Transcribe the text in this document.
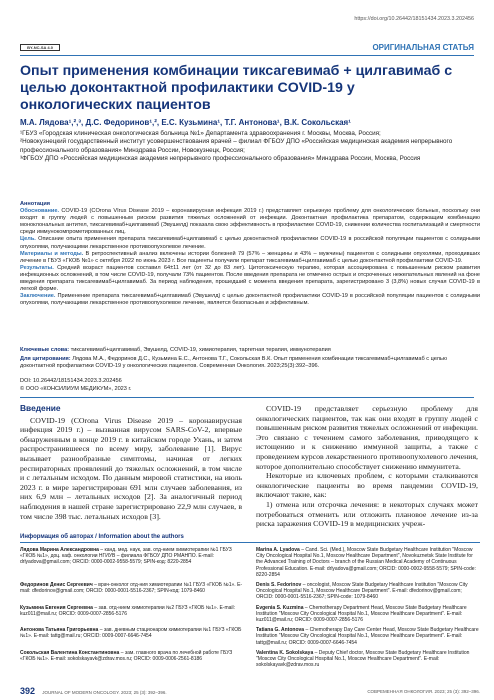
https://doi.org/10.26442/18151434.2023.3.202456
BY-NC-SA 4.0	ОРИГИНАЛЬНАЯ СТАТЬЯ
Опыт применения комбинации тиксагевимаб + цилгавимаб с целью доконтактной профилактики COVID-19 у онкологических пациентов
М.А. Лядова¹,²,³, Д.С. Федоринов¹,², Е.С. Кузьмина¹, Т.Г. Антонова¹, В.К. Сокольская¹
¹ГБУЗ «Городская клиническая онкологическая больница №1» Департамента здравоохранения г. Москвы, Москва, Россия;
²Новокузнецкий государственный институт усовершенствования врачей – филиал ФГБОУ ДПО «Российская медицинская академия непрерывного профессионального образования» Минздрава России, Новокузнецк, Россия;
³ФГБОУ ДПО «Российская медицинская академия непрерывного профессионального образования» Минздрава России, Москва, Россия
Аннотация

Обоснование. COVID-19 (COrona VIrus Disease 2019 – коронавирусная инфекция 2019 г.) представляет серьезную проблему для онкологических больных, поскольку они входят в группу людей с повышенным риском развития тяжелых осложнений от инфекции. Доконтактная профилактика препаратом, содержащим комбинацию моноклональных антител, тиксагевимаб+цилгавимаб (Эвушелд) показала свою эффективность в профилактике COVID-19, снижении количества госпитализаций и смертности среди иммунокомпрометированных лиц.

Цель. Описание опыта применения препарата тиксагевимаб+цилгавимаб с целью доконтактной профилактики COVID-19 в российской популяции пациентов с солидными опухолями, получающими лекарственное противоопухолевое лечение.

Материалы и методы. В ретроспективный анализ включены истории болезней 79 (57% – женщины и 43% – мужчины) пациентов с солидными опухолями, проходивших лечение в ГБУЗ «ГКОБ №1» с октября 2022 по июнь 2023 г. Все пациенты получили препарат тиксагевимаб+цилгавимаб с целью доконтактной профилактики COVID-19.

Результаты. Средний возраст пациентов составил 64±11 лет (от 32 до 83 лет). Цитотоксическую терапию, которая ассоциирована с повышенным риском развития инфекционных осложнений, в том числе COVID-19, получали 73% пациентов. После введения препарата не отмечено острых и отсроченных нежелательных явлений на фоне введения препарата тиксагевимаб+цилгавимаб. За период наблюдения, прошедший с момента введения препарата, зарегистрировано 3 (3,8%) новых случая COVID-19 в легкой форме.

Заключение. Применение препарата тиксагевимаб+цилгавимаб (Эвушелд) с целью доконтактной профилактики COVID-19 в российской популяции пациентов с солидными опухолями, получающими лекарственное противоопухолевое лечение, является безопасным и эффективным.

Ключевые слова: тиксагевимаб+цилгавимаб, Эвушелд, COVID-19, химиотерапия, таргетная терапия, иммунотерапия
Для цитирования: Лядова М.А., Федоринов Д.С., Кузьмина Е.С., Антонова Т.Г., Сокольская В.К. Опыт применения комбинации тиксагевимаб+цилгавимаб с целью доконтактной профилактики COVID-19 у онкологических пациентов. Современная Онкология. 2023;25(3):392–396.
DOI: 10.26442/18151434.2023.3.202456
© ООО «КОНСИЛИУМ МЕДИКУМ», 2023 г.
Введение

COVID-19 (COrona Virus Disease 2019 – коронавирусная инфекция 2019 г.) – вызванная вирусом SARS-CoV-2, впервые обнаруженным в конце 2019 г. в китайском городе Ухань, и затем распространившееся по всему миру, заболевание [1]. Вирус вызывает разнообразные симптомы, начиная от легких респираторных проявлений до тяжелых осложнений, в том числе и с летальным исходом. По данным мировой статистики, на июль 2023 г. в мире зарегистрирован 691 млн случаев заболевания, из них 6,9 млн – летальных исходов [2]. За аналогичный период наблюдения в нашей стране зарегистрировано 22,9 млн случаев, в том числе 398 тыс. летальных исходов [3].

COVID-19 представляет серьезную проблему для онкологических пациентов, так как они входят в группу людей с повышенным риском развития тяжелых осложнений от инфекции. Это связано с течением самого заболевания, приводящего к истощению и к снижению иммунной защиты, а также с проведением курсов лекарственного противоопухолевого лечения, которое дополнительно способствует снижению иммунитета.

Некоторые из ключевых проблем, с которыми сталкиваются онкологические пациенты во время пандемии COVID-19, включают такие, как:

1) отмена или отсрочка лечения: в некоторых случаях может потребоваться отменить или отложить плановое лечение из-за риска заражения COVID-19 в медицинских учреж-

Информация об авторах / Information about the authors
Лядова Марина Александровна – канд. мед. наук, зав. отд-нием химиотерапии №1 ГБУЗ «ГКОБ №1», доц. каф. онкологии НГИУВ – филиала ФГБОУ ДПО РМАНПО. E-mail: drlyadova@gmail.com; ORCID: 0000-0002-9558-5579; SPIN-код: 8220-2854
Marina A. Lyadova – Cand. Sci. (Med.), Moscow State Budgetary Healthcare Institution "Moscow City Oncological Hospital No.1, Moscow Healthcare Department", Novokuznetsk State Institute for the Advanced Training of Doctors – branch of the Russian Medical Academy of Continuous Professional Education. E-mail: drlyadova@gmail.com; ORCID: 0000-0002-9558-5579; SPIN-code: 8220-2854
Федоринов Денис Сергеевич – врач-онколог отд-ния химиотерапии №1 ГБУЗ «ГКОБ №1». E-mail: dfedorinov@gmail.com; ORCID: 0000-0001-5516-2367; SPIN-код: 1079-8460
Denis S. Fedorinov – oncologist, Moscow State Budgetary Healthcare Institution "Moscow City Oncological Hospital No.1, Moscow Healthcare Department". E-mail: dfedorinov@gmail.com; ORCID: 0000-0001-5516-2367; SPIN-code: 1079-8460
Кузьмина Евгения Сергеевна – зав. отд-нием химиотерапии №2 ГБУЗ «ГКОБ №1». E-mail: kuz011@mail.ru; ORCID: 0009-0007-2856-5176
Evgenia S. Kuzmina – Chemotherapy Department Head, Moscow State Budgetary Healthcare Institution "Moscow City Oncological Hospital No.1, Moscow Healthcare Department". E-mail: kuz011@mail.ru; ORCID: 0009-0007-2856-5176
Антонова Татьяна Григорьевна – зав. дневным стационаром химиотерапии №1 ГБУЗ «ГКОБ №1». E-mail: tattg@mail.ru; ORCID: 0009-0007-6646-7454
Tatiana G. Antonova – Chemotherapy Day Care Center Head, Moscow State Budgetary Healthcare Institution "Moscow City Oncological Hospital No.1, Moscow Healthcare Department". E-mail: tattg@mail.ru; ORCID: 0009-0007-6646-7454
Сокольская Валентина Константиновна – зам. главного врача по лечебной работе ГБУЗ «ГКОБ №1». E-mail: sokolskayavk@zdrav.mos.ru; ORCID: 0009-0006-2561-8186
Valentina K. Sokolskaya – Deputy Chief doctor, Moscow State Budgetary Healthcare Institution "Moscow City Oncological Hospital No.1, Moscow Healthcare Department". E-mail: sokolskayavk@zdrav.mos.ru
392 JOURNAL OF MODERN ONCOLOGY. 2023; 25 (3): 392–396.	СОВРЕМЕННАЯ ОНКОЛОГИЯ. 2023; 25 (3): 392–396.
